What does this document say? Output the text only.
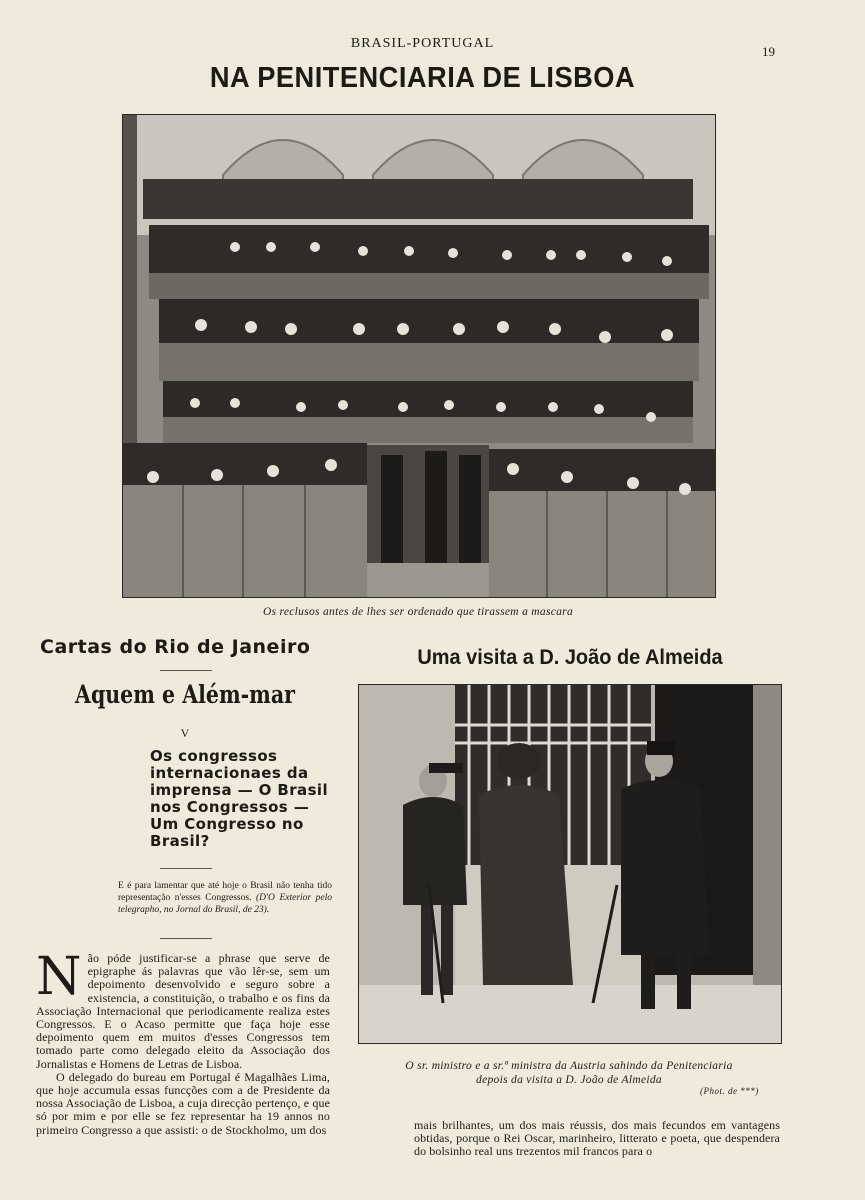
BRASIL-PORTUGAL
19
NA PENITENCIARIA DE LISBOA
Os reclusos antes de lhes ser ordenado que tirassem a mascara
Cartas do Rio de Janeiro
Aquem e Além-mar
V
Os congressos internacionaes da imprensa — O Brasil nos Congressos — Um Congresso no Brasil?
E é para lamentar que até hoje o Brasil não tenha tido representação n'esses Congressos. (D'O Exterior pelo telegrapho, no Jornal do Brasil, de 23).
Não póde justificar-se a phrase que serve de epigraphe ás palavras que vão lêr-se, sem um depoimento desenvolvido e seguro sobre a existencia, a constituição, o trabalho e os fins da Associação Internacional que periodicamente realiza estes Congressos. E o Acaso permitte que faça hoje esse depoimento quem em muitos d'esses Congressos tem tomado parte como delegado eleito da Associação dos Jornalistas e Homens de Letras de Lisboa.
O delegado do bureau em Portugal é Magalhães Lima, que hoje accumula essas funcções com a de Presidente da nossa Associação de Lisboa, a cuja direcção pertenço, e que só por mim e por elle se fez representar ha 19 annos no primeiro Congresso a que assisti: o de Stockholmo, um dos
Uma visita a D. João de Almeida
O sr. ministro e a sr.ª ministra da Austria sahindo da Penitenciaria
depois da visita a D. João de Almeida
(Phot. de ***)
mais brilhantes, um dos mais réussis, dos mais fecundos em vantagens obtidas, porque o Rei Oscar, marinheiro, litterato e poeta, que despendera do bolsinho real uns trezentos mil francos para o
